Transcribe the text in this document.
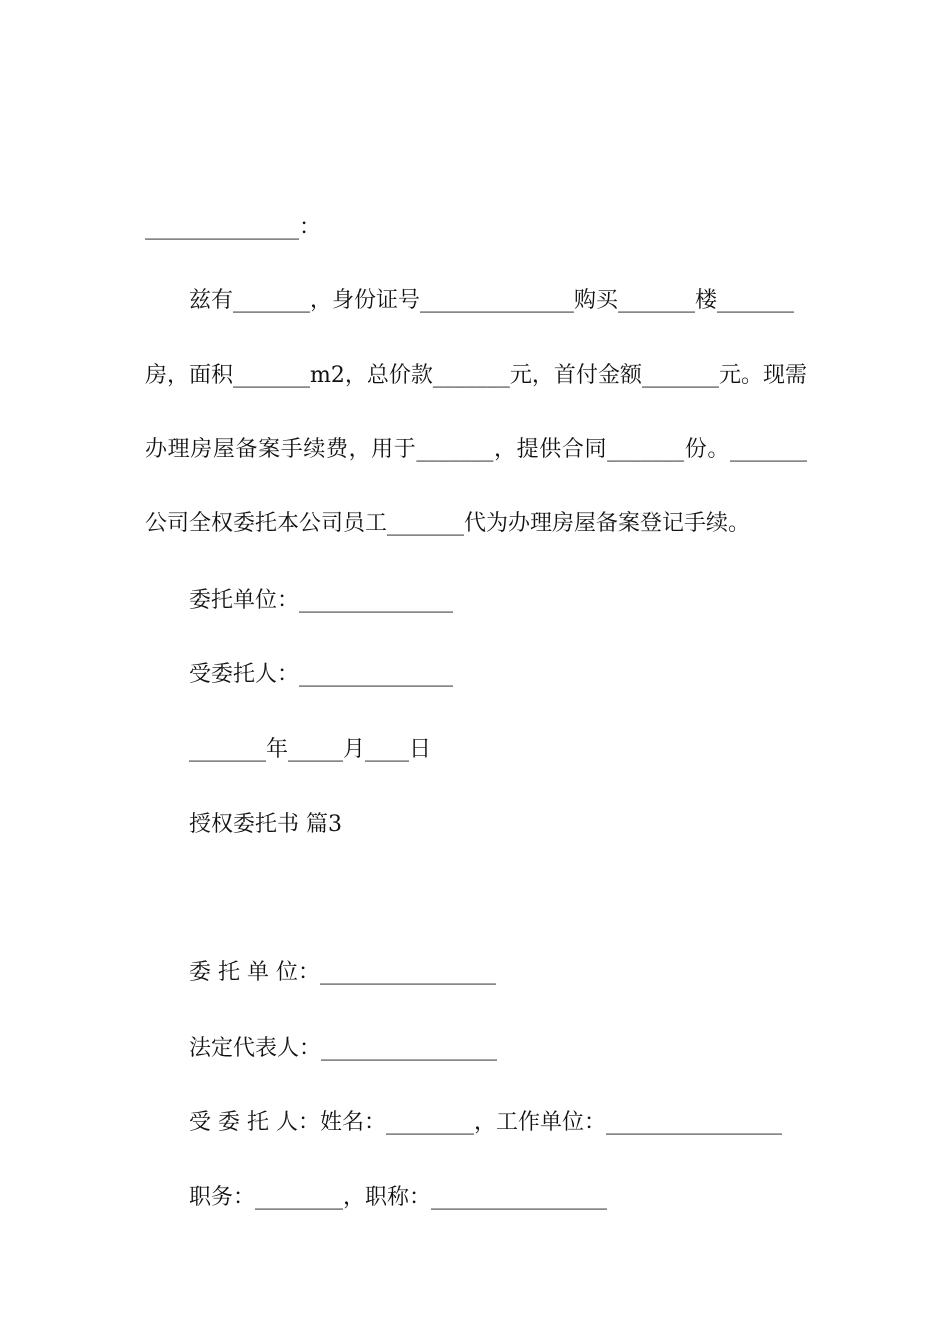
______________：
兹有_______，身份证号______________购买_______楼_______
房，面积_______m2，总价款_______元，首付金额_______元。现需
办理房屋备案手续费，用于_______，提供合同_______份。_______
公司全权委托本公司员工_______代为办理房屋备案登记手续。
委托单位：______________
受委托人：______________
_______年_____月____日
授权委托书 篇3
委 托 单 位：________________
法定代表人：________________
受 委 托 人：姓名：________，工作单位：________________
职务：________，职称：________________
